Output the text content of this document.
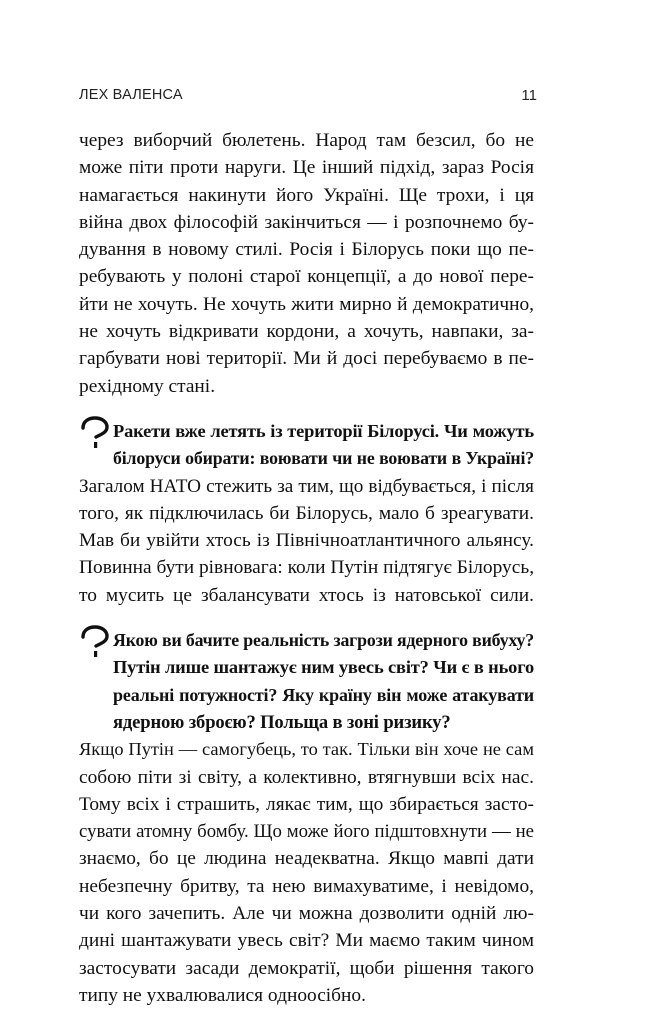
ЛЕХ ВАЛЕНСА	11
через виборчий бюлетень. Народ там безсил, бо не
може піти проти наруги. Це інший підхід, зараз Росія
намагається накинути його Україні. Ще трохи, і ця
війна двох філософій закінчиться — і розпочнемо бу-
дування в новому стилі. Росія і Білорусь поки що пе-
ребувають у полоні старої концепції, а до нової пере-
йти не хочуть. Не хочуть жити мирно й демократично,
не хочуть відкривати кордони, а хочуть, навпаки, за-
гарбувати нові території. Ми й досі перебуваємо в пе-
рехідному стані.
Ракети вже летять із території Білорусі. Чи можуть
білоруси обирати: воювати чи не воювати в Україні?
Загалом НАТО стежить за тим, що відбувається, і після
того, як підключилась би Білорусь, мало б зреагувати.
Мав би увійти хтось із Північноатлантичного альянсу.
Повинна бути рівновага: коли Путін підтягує Білорусь,
то мусить це збалансувати хтось із натовської сили.
Якою ви бачите реальність загрози ядерного вибуху?
Путін лише шантажує ним увесь світ? Чи є в нього
реальні потужності? Яку країну він може атакувати
ядерною зброєю? Польща в зоні ризику?
Якщо Путін — самогубець, то так. Тільки він хоче не сам
собою піти зі світу, а колективно, втягнувши всіх нас.
Тому всіх і страшить, лякає тим, що збирається засто-
сувати атомну бомбу. Що може його підштовхнути — не
знаємо, бо це людина неадекватна. Якщо мавпі дати
небезпечну бритву, та нею вимахуватиме, і невідомо,
чи кого зачепить. Але чи можна дозволити одній лю-
дині шантажувати увесь світ? Ми маємо таким чином
застосувати засади демократії, щоби рішення такого
типу не ухвалювалися одноосібно.
